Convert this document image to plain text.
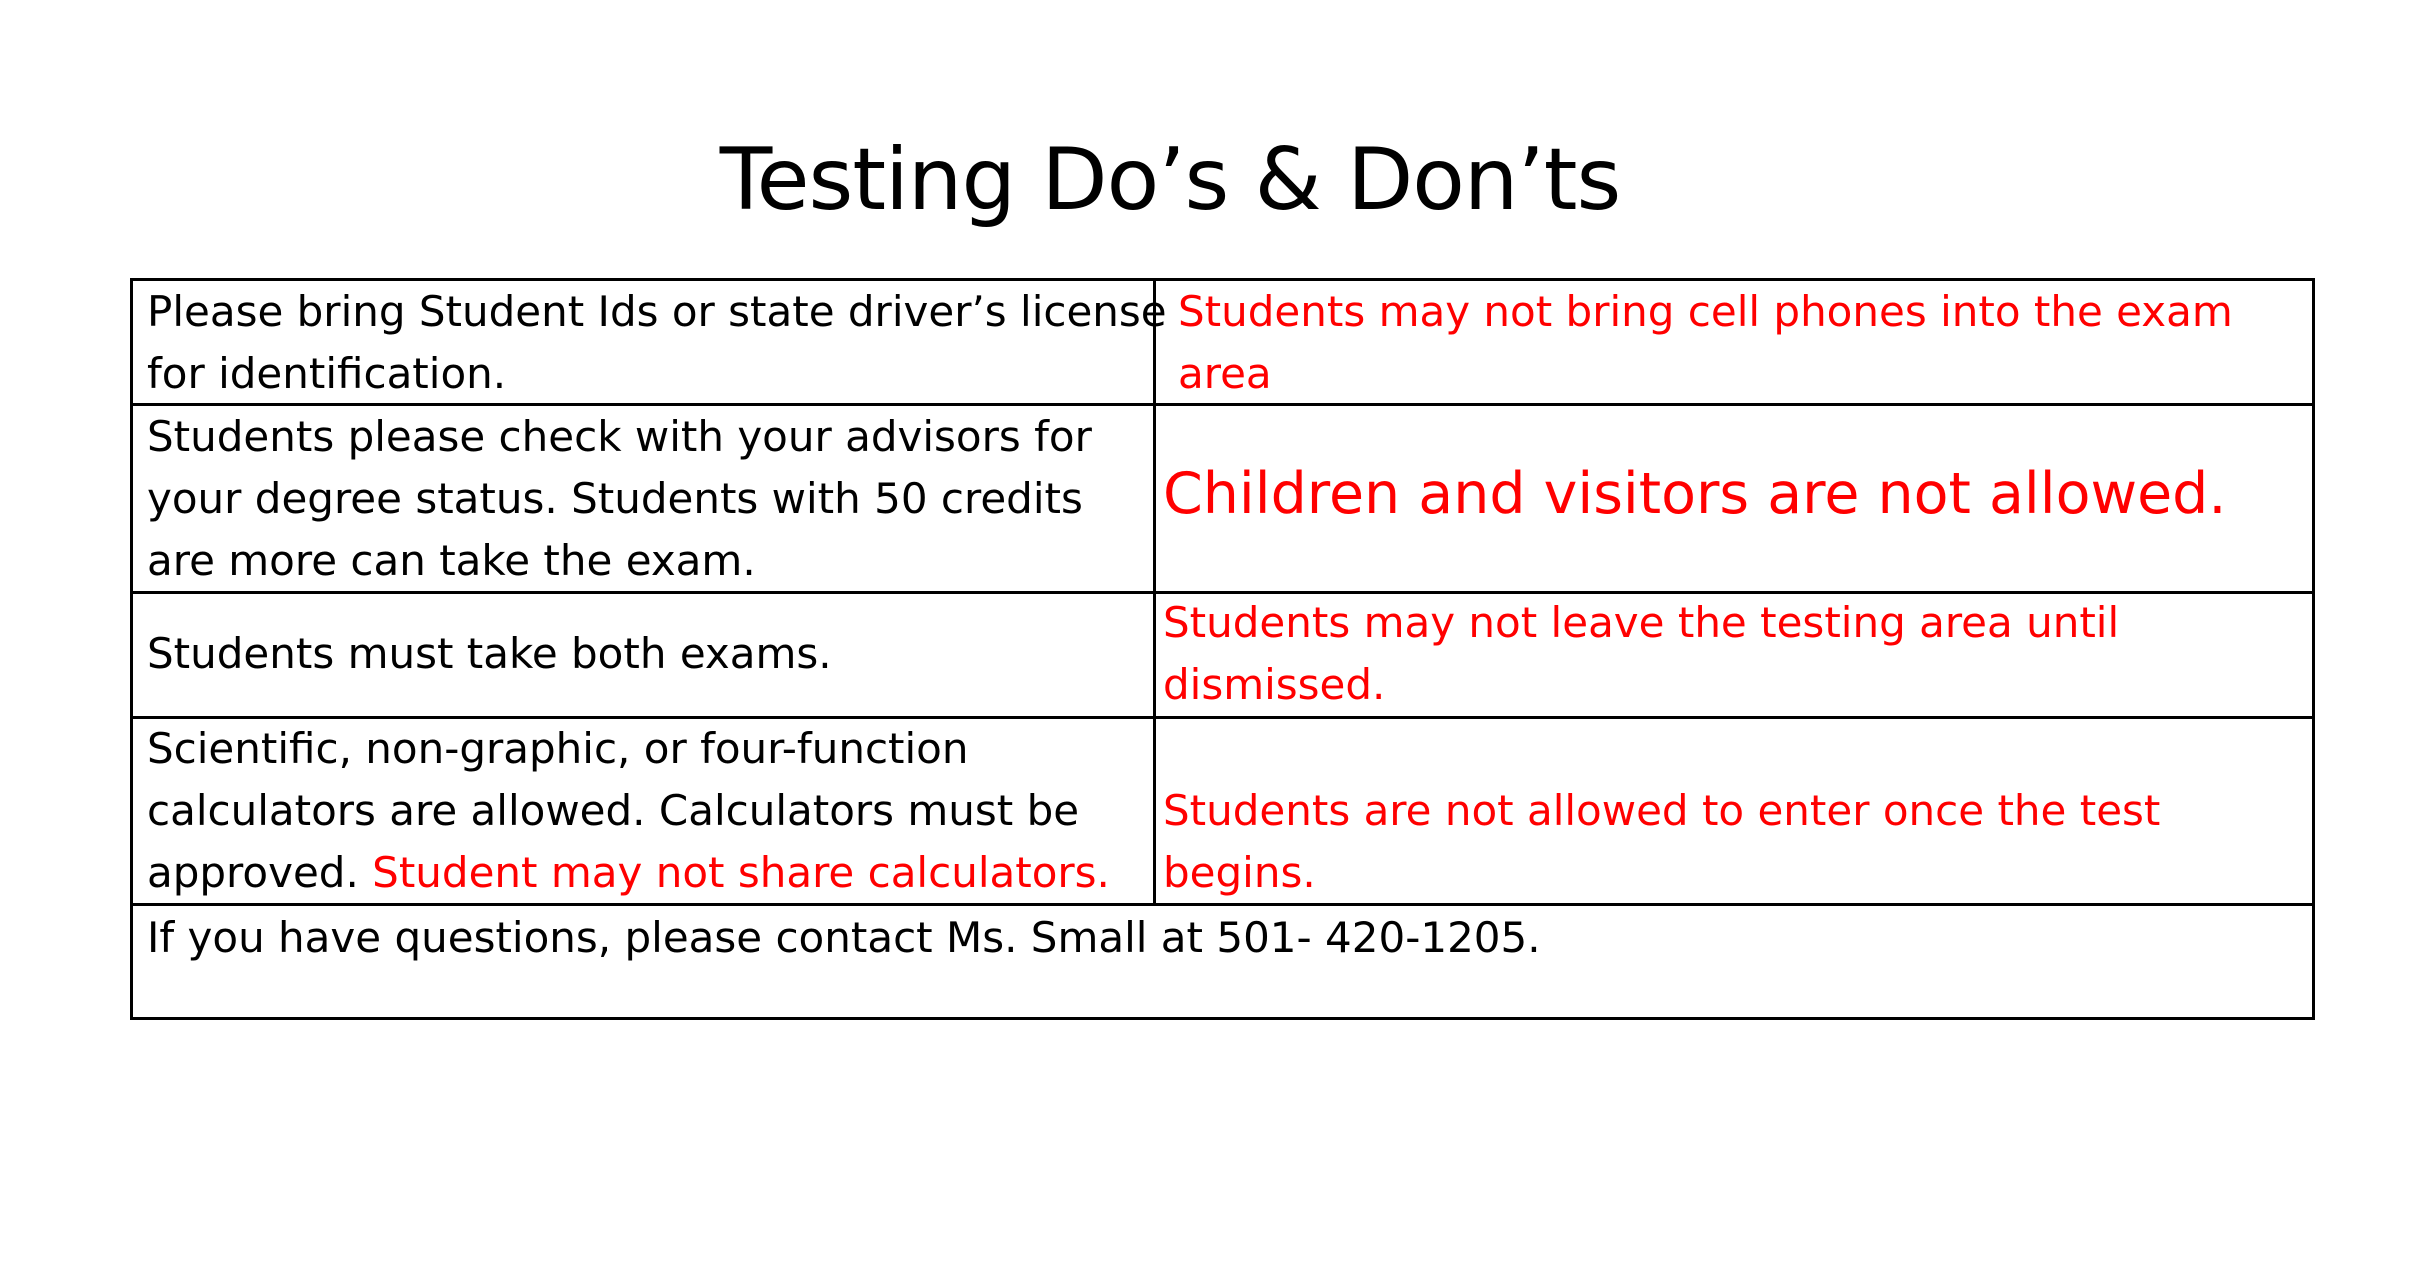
Testing Do’s & Don’ts
Please bring Student Ids or state driver’s license
for identification.
Students may not bring cell phones into the exam
area
Students please check with your advisors for
your degree status. Students with 50 credits
are more can take the exam.
Children and visitors are not allowed.
Students must take both exams.
Students may not leave the testing area until
dismissed.
Scientific, non-graphic, or four-function
calculators are allowed. Calculators must be
approved. Student may not share calculators.
Students are not allowed to enter once the test
begins.
If you have questions, please contact Ms. Small at 501- 420-1205.
